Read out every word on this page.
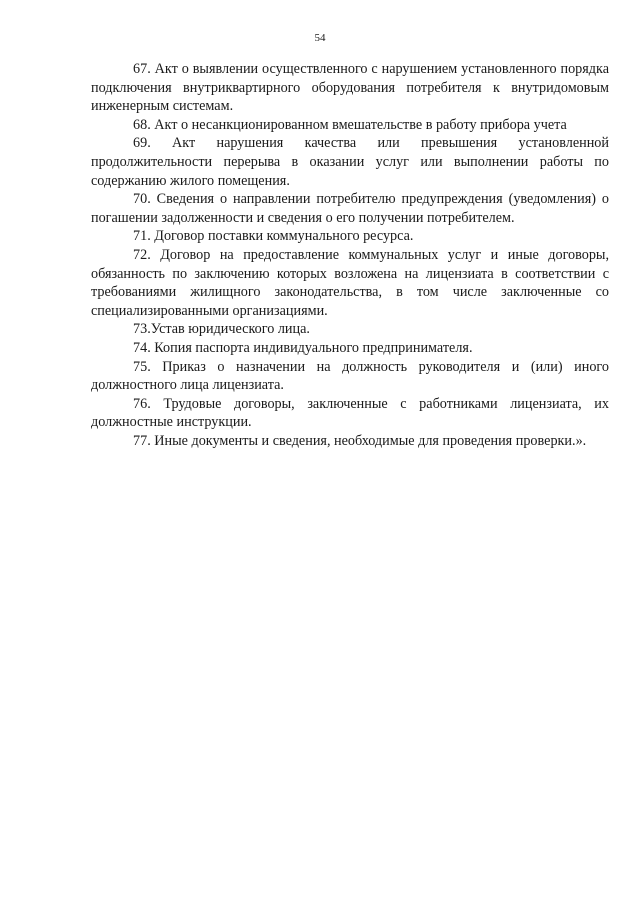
54

67. Акт о выявлении осуществленного с нарушением установленного порядка подключения внутриквартирного оборудования потребителя к внутридомовым инженерным системам.

68. Акт о несанкционированном вмешательстве в работу прибора учета

69. Акт нарушения качества или превышения установленной продолжительности перерыва в оказании услуг или выполнении работы по содержанию жилого помещения.

70. Сведения о направлении потребителю предупреждения (уведомления) о погашении задолженности и сведения о его получении потребителем.

71. Договор поставки коммунального ресурса.

72. Договор на предоставление коммунальных услуг и иные договоры, обязанность по заключению которых возложена на лицензиата в соответствии с требованиями жилищного законодательства, в том числе заключенные со специализированными организациями.

73.Устав юридического лица.

74. Копия паспорта индивидуального предпринимателя.

75. Приказ о назначении на должность руководителя и (или) иного должностного лица лицензиата.

76. Трудовые договоры, заключенные с работниками лицензиата, их должностные инструкции.

77. Иные документы и сведения, необходимые для проведения проверки.».
